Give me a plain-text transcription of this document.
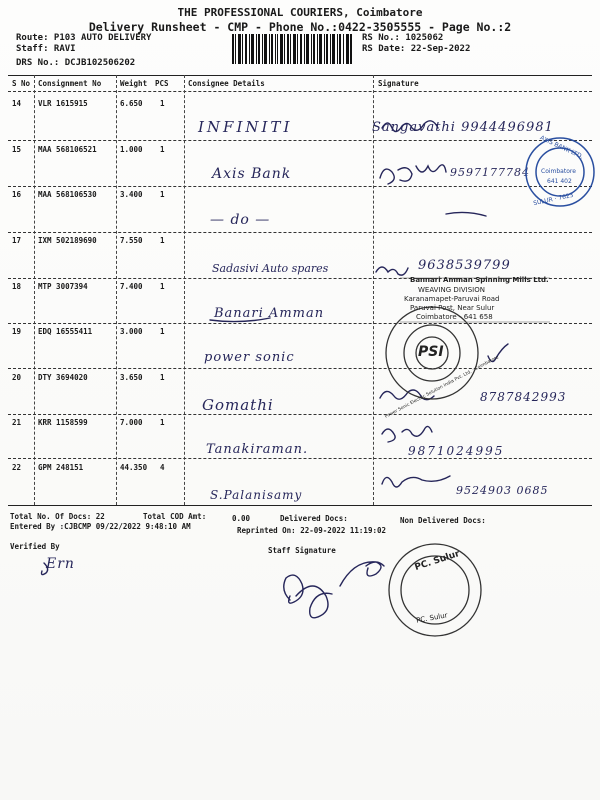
THE PROFESSIONAL COURIERS, Coimbatore
Delivery Runsheet - CMP - Phone No.:0422-3505555 - Page No.:2
Route: P103 AUTO DELIVERY
Staff: RAVI
DRS No.: DCJB102506202
RS No.: 1025062
RS Date: 22-Sep-2022
S No Consignment No	Weight PCS	Consignee Details	Signature
14 VLR 1615915	6.650 1
INFINITI	Sangavathi 9944496981
15 MAA 568106521	1.000 1
Axis Bank	9597177784
16 MAA 568106530	3.400 1
— do —
17 IXM 502189690	7.550 1
Sadasivi Auto spares	9638539799
18 MTP 3007394	7.400 1
Banari Amman
19 EDQ 16555411	3.000 1
power sonic
20 DTY 3694020	3.650 1
Gomathi	8787842993
21 KRR 1158599	7.000 1
Tanakiraman.	9871024995
22 GPM 248151	44.350 4
S.Palanisamy	9524903 0685
AXIS BANK LTD.
Coimbatore
641 402
SULUR · 7623
Bannari Amman Spinning Mills Ltd.
WEAVING DIVISION
Karanamapet-Paruvai Road
Paruvai Post, Near Sulur
Coimbatore - 641 658
PSI
Power Sonic Electric Solution India Pvt. Ltd. · Coimbatore
PC. Sulur
PC. Sulur
Total No. Of Docs: 22	Total COD Amt:	0.00	Delivered Docs:	Non Delivered Docs:
Entered By :CJBCMP 09/22/2022 9:48:10 AM	Reprinted On: 22-09-2022 11:19:02
Verified By	Staff Signature
Ern
